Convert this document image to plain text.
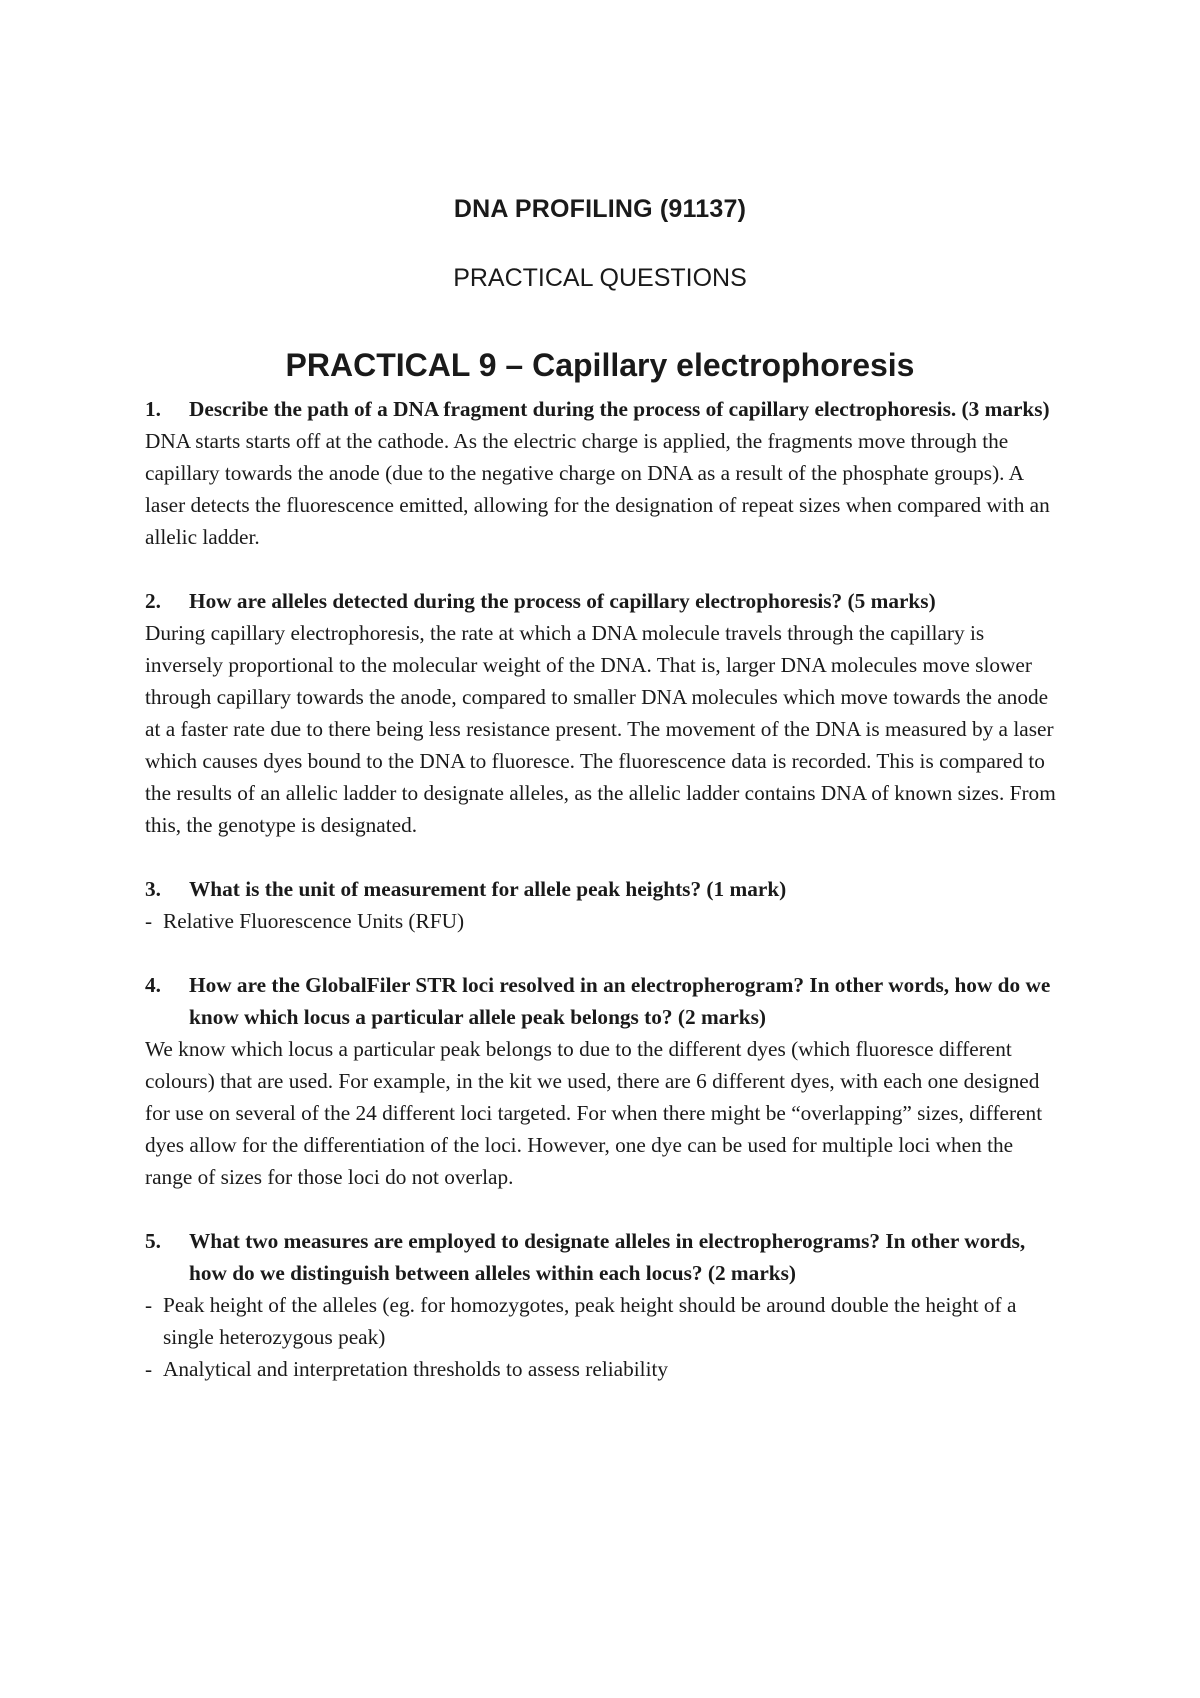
DNA PROFILING (91137)
PRACTICAL QUESTIONS
PRACTICAL 9 – Capillary electrophoresis
1. Describe the path of a DNA fragment during the process of capillary electrophoresis. (3 marks)

DNA starts starts off at the cathode. As the electric charge is applied, the fragments move through the capillary towards the anode (due to the negative charge on DNA as a result of the phosphate groups). A laser detects the fluorescence emitted, allowing for the designation of repeat sizes when compared with an allelic ladder.

2. How are alleles detected during the process of capillary electrophoresis? (5 marks)

During capillary electrophoresis, the rate at which a DNA molecule travels through the capillary is inversely proportional to the molecular weight of the DNA. That is, larger DNA molecules move slower through capillary towards the anode, compared to smaller DNA molecules which move towards the anode at a faster rate due to there being less resistance present. The movement of the DNA is measured by a laser which causes dyes bound to the DNA to fluoresce. The fluorescence data is recorded. This is compared to the results of an allelic ladder to designate alleles, as the allelic ladder contains DNA of known sizes. From this, the genotype is designated.

3. What is the unit of measurement for allele peak heights? (1 mark)
- Relative Fluorescence Units (RFU)
4. How are the GlobalFiler STR loci resolved in an electropherogram? In other words, how do we know which locus a particular allele peak belongs to? (2 marks)

We know which locus a particular peak belongs to due to the different dyes (which fluoresce different colours) that are used. For example, in the kit we used, there are 6 different dyes, with each one designed for use on several of the 24 different loci targeted. For when there might be “overlapping” sizes, different dyes allow for the differentiation of the loci. However, one dye can be used for multiple loci when the range of sizes for those loci do not overlap.

5. What two measures are employed to designate alleles in electropherograms? In other words, how do we distinguish between alleles within each locus? (2 marks)
- Peak height of the alleles (eg. for homozygotes, peak height should be around double the height of a single heterozygous peak)
- Analytical and interpretation thresholds to assess reliability
